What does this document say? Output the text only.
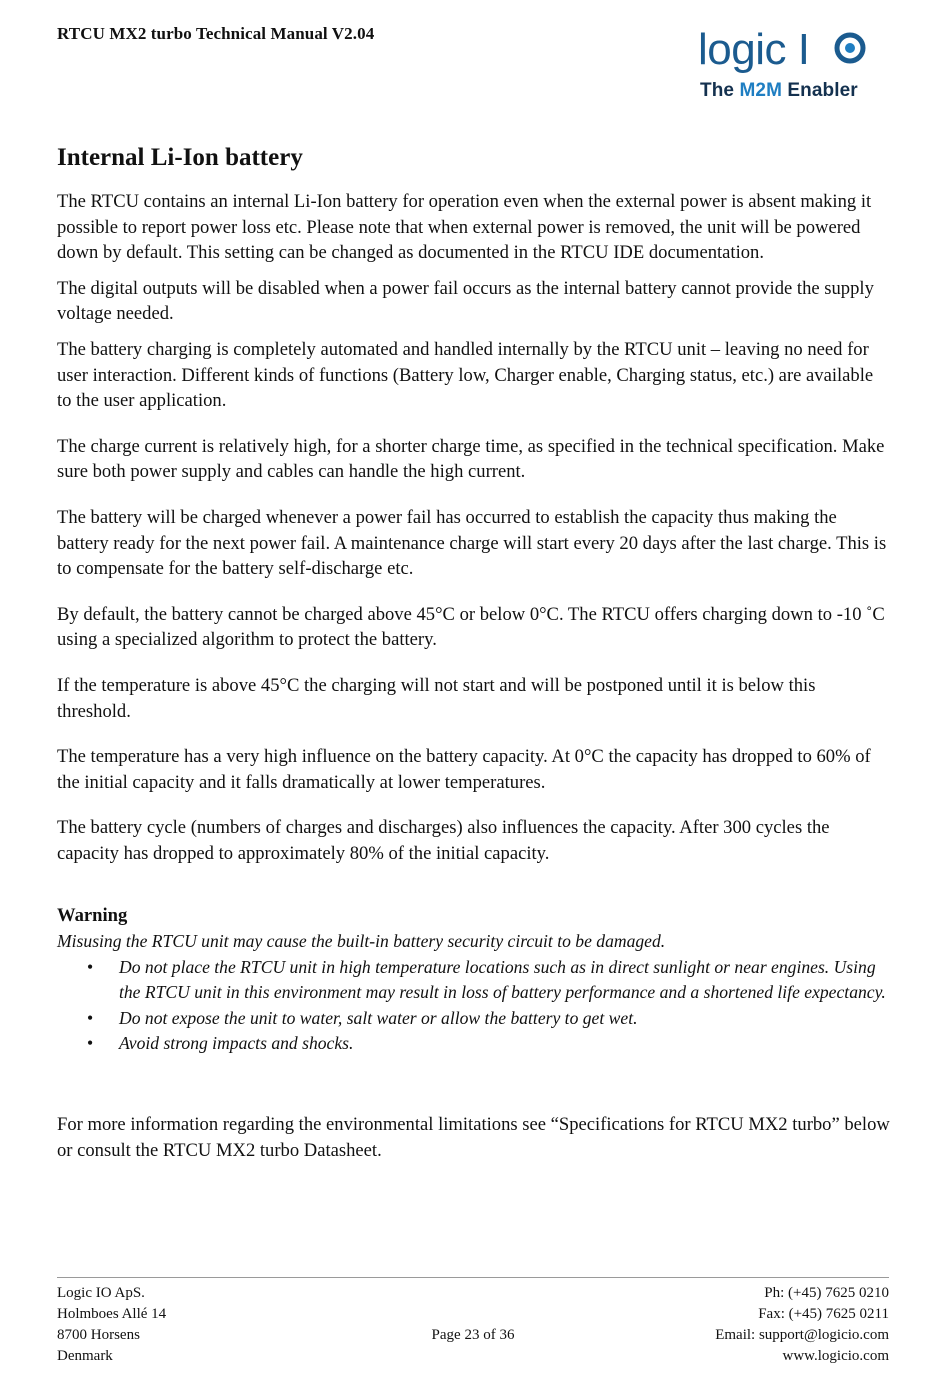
RTCU MX2 turbo Technical Manual V2.04	logic I
The M2M Enabler
Internal Li-Ion battery

The RTCU contains an internal Li-Ion battery for operation even when the external power is absent making it possible to report power loss etc. Please note that when external power is removed, the unit will be powered down by default. This setting can be changed as documented in the RTCU IDE documentation.

The digital outputs will be disabled when a power fail occurs as the internal battery cannot provide the supply voltage needed.

The battery charging is completely automated and handled internally by the RTCU unit – leaving no need for user interaction. Different kinds of functions (Battery low, Charger enable, Charging status, etc.) are available to the user application.

The charge current is relatively high, for a shorter charge time, as specified in the technical specification. Make sure both power supply and cables can handle the high current.

The battery will be charged whenever a power fail has occurred to establish the capacity thus making the battery ready for the next power fail. A maintenance charge will start every 20 days after the last charge. This is to compensate for the battery self-discharge etc.

By default, the battery cannot be charged above 45°C or below 0°C. The RTCU offers charging down to -10 ˚C using a specialized algorithm to protect the battery.

If the temperature is above 45°C the charging will not start and will be postponed until it is below this threshold.

The temperature has a very high influence on the battery capacity. At 0°C the capacity has dropped to 60% of the initial capacity and it falls dramatically at lower temperatures.

The battery cycle (numbers of charges and discharges) also influences the capacity. After 300 cycles the capacity has dropped to approximately 80% of the initial capacity.

Warning

Misusing the RTCU unit may cause the built-in battery security circuit to be damaged.

• Do not place the RTCU unit in high temperature locations such as in direct sunlight or near engines. Using the RTCU unit in this environment may result in loss of battery performance and a shortened life expectancy.
• Do not expose the unit to water, salt water or allow the battery to get wet.
• Avoid strong impacts and shocks.

For more information regarding the environmental limitations see “Specifications for RTCU MX2 turbo” below or consult the RTCU MX2 turbo Datasheet.

Logic IO ApS.
Holmboes Allé 14
8700 Horsens
Denmark
Page 23 of 36
Ph: (+45) 7625 0210
Fax: (+45) 7625 0211
Email: support@logicio.com
www.logicio.com
